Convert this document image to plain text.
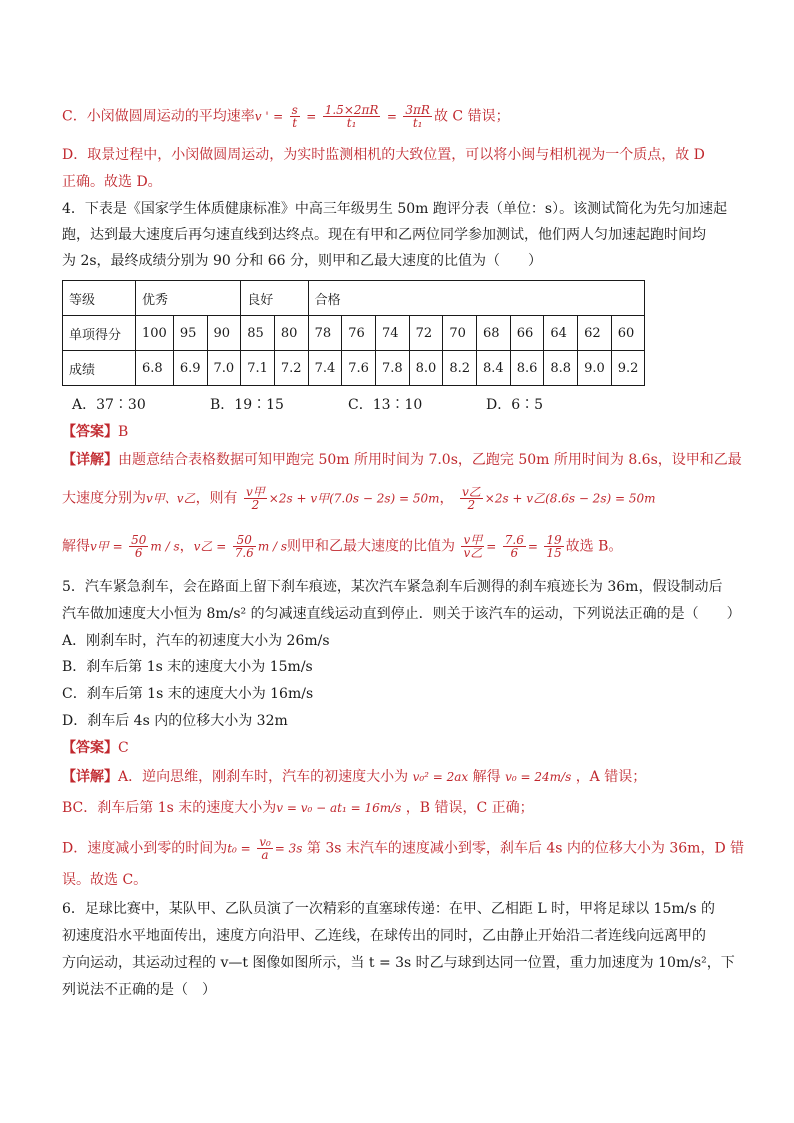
C．小闵做圆周运动的平均速率v ' = $\frac{s}{t} = \frac{1.5\times 2\pi R}{\text{t₁}} = \frac{3\pi R}{\text{t₁}}$ 故 C 错误；
D．取景过程中，小闵做圆周运动，为实时监测相机的大致位置，可以将小闽与相机视为一个质点，故 D
正确。故选 D。
4．下表是《国家学生体质健康标准》中高三年级男生 50m 跑评分表（单位：s）。该测试简化为先匀加速起
跑，达到最大速度后再匀速直线到达终点。现在有甲和乙两位同学参加测试，他们两人匀加速起跑时间均
为 2s，最终成绩分别为 90 分和 66 分，则甲和乙最大速度的比值为（　　）
等级	优秀			良好		合格									
单项得分	100	95	90	85	80	78	76	74	72	70	68	66	64	62	60
成绩	6.8	6.9	7.0	7.1	7.2	7.4	7.6	7.8	8.0	8.2	8.4	8.6	8.8	9.0	9.2
A．37∶30	B．19∶15	C．13∶10	D．6∶5
【答案】B
【详解】由题意结合表格数据可知甲跑完 50m 所用时间为 7.0s，乙跑完 50m 所用时间为 8.6s，设甲和乙最
大速度分别为v甲、v乙，则有 $\frac{\text{v甲}}{2} \times 2s + v$甲(7.0s − 2s) = 50m， $\frac{\text{v乙}}{2} \times 2s + v$乙(8.6s − 2s) = 50m
解得v甲 = $\frac{50}{6}$ m / s，v乙 = $\frac{50}{7.6}$ m / s则甲和乙最大速度的比值为 $\frac{\text{v甲}}{\text{v乙}} = \frac{7.6}{6} = \frac{19}{15}$ 故选 B。
5．汽车紧急刹车，会在路面上留下刹车痕迹，某次汽车紧急刹车后测得的刹车痕迹长为 36m，假设制动后
汽车做加速度大小恒为 8m/s² 的匀减速直线运动直到停止．则关于该汽车的运动，下列说法正确的是（　　）
A．刚刹车时，汽车的初速度大小为 26m/s
B．刹车后第 1s 末的速度大小为 15m/s
C．刹车后第 1s 末的速度大小为 16m/s
D．刹车后 4s 内的位移大小为 32m
【答案】C
【详解】A．逆向思维，刚刹车时，汽车的初速度大小为 v₀² = 2ax 解得 v₀ = 24m/s ，A 错误；
BC．刹车后第 1s 末的速度大小为v = v₀ − at₁ = 16m/s ，B 错误，C 正确；
D．速度减小到零的时间为$t_0 = \frac{\text{v₀}}{a} = 3s$ 第 3s 末汽车的速度减小到零，刹车后 4s 内的位移大小为 36m，D 错
误。故选 C。
6．足球比赛中，某队甲、乙队员演了一次精彩的直塞球传递：在甲、乙相距 L 时，甲将足球以 15m/s 的
初速度沿水平地面传出，速度方向沿甲、乙连线，在球传出的同时，乙由静止开始沿二者连线向远离甲的
方向运动，其运动过程的 v—t 图像如图所示，当 t = 3s 时乙与球到达同一位置，重力加速度为 10m/s²，下
列说法不正确的是（　）
